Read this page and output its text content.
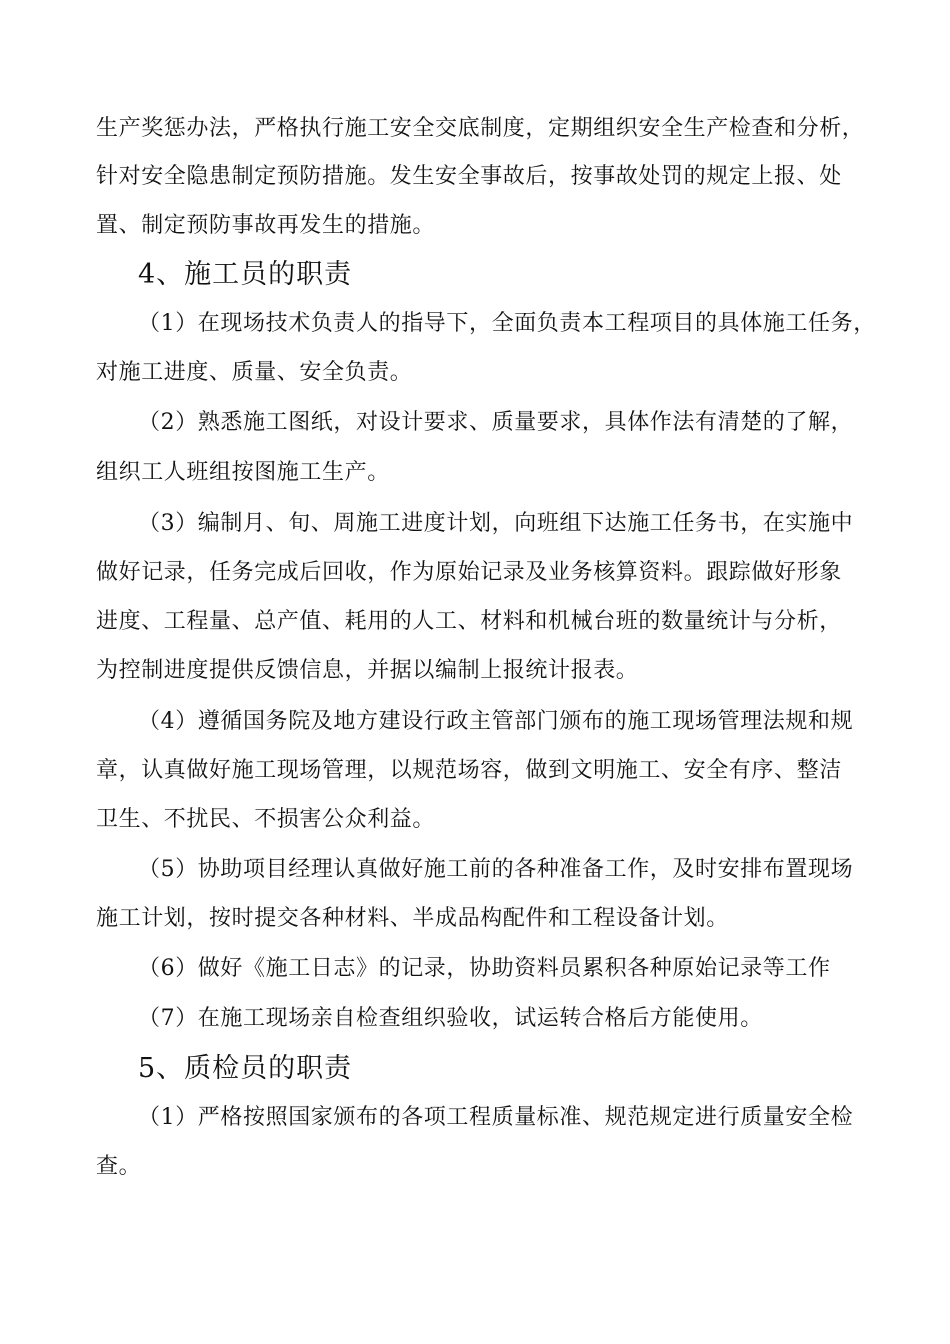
生产奖惩办法，严格执行施工安全交底制度，定期组织安全生产检查和分析，
针对安全隐患制定预防措施。发生安全事故后，按事故处罚的规定上报、处
置、制定预防事故再发生的措施。
4、施工员的职责
（1）在现场技术负责人的指导下，全面负责本工程项目的具体施工任务，
对施工进度、质量、安全负责。
（2）熟悉施工图纸，对设计要求、质量要求，具体作法有清楚的了解，
组织工人班组按图施工生产。
（3）编制月、旬、周施工进度计划，向班组下达施工任务书，在实施中
做好记录，任务完成后回收，作为原始记录及业务核算资料。跟踪做好形象
进度、工程量、总产值、耗用的人工、材料和机械台班的数量统计与分析，
为控制进度提供反馈信息，并据以编制上报统计报表。
（4）遵循国务院及地方建设行政主管部门颁布的施工现场管理法规和规
章，认真做好施工现场管理，以规范场容，做到文明施工、安全有序、整洁
卫生、不扰民、不损害公众利益。
（5）协助项目经理认真做好施工前的各种准备工作，及时安排布置现场
施工计划，按时提交各种材料、半成品构配件和工程设备计划。
（6）做好《施工日志》的记录，协助资料员累积各种原始记录等工作
（7）在施工现场亲自检查组织验收，试运转合格后方能使用。
5、质检员的职责
（1）严格按照国家颁布的各项工程质量标准、规范规定进行质量安全检
查。
